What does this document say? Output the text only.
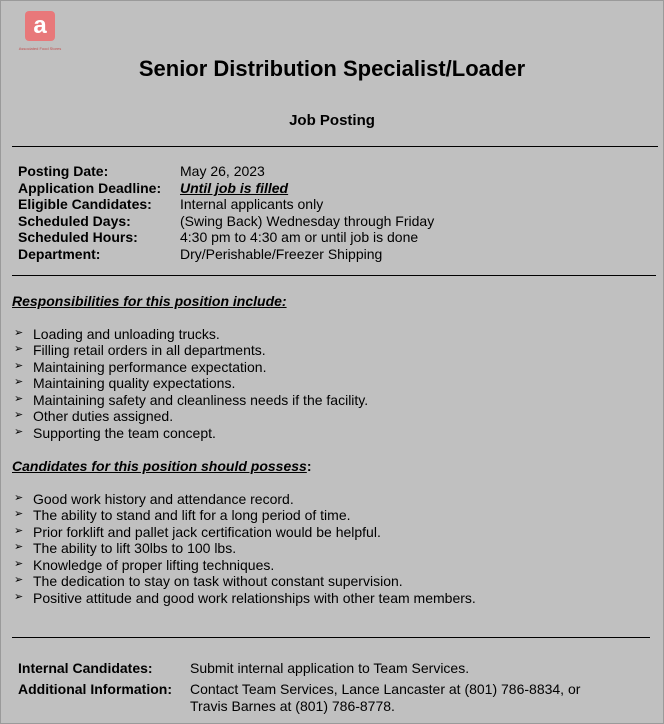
a
Associated Food Stores
Senior Distribution Specialist/Loader
Job Posting
Posting Date:	May 26, 2023
Application Deadline: Until job is filled
Eligible Candidates: Internal applicants only
Scheduled Days:	(Swing Back) Wednesday through Friday
Scheduled Hours:	4:30 pm to 4:30 am or until job is done
Department:	Dry/Perishable/Freezer Shipping
Responsibilities for this position include:
➢ Loading and unloading trucks.
➢ Filling retail orders in all departments.
➢ Maintaining performance expectation.
➢ Maintaining quality expectations.
➢ Maintaining safety and cleanliness needs if the facility.
➢ Other duties assigned.
➢ Supporting the team concept.
Candidates for this position should possess:
➢ Good work history and attendance record.
➢ The ability to stand and lift for a long period of time.
➢ Prior forklift and pallet jack certification would be helpful.
➢ The ability to lift 30lbs to 100 lbs.
➢ Knowledge of proper lifting techniques.
➢ The dedication to stay on task without constant supervision.
➢ Positive attitude and good work relationships with other team members.
Internal Candidates:	Submit internal application to Team Services.
Additional Information: Contact Team Services, Lance Lancaster at (801) 786-8834, or
Travis Barnes at (801) 786-8778.
